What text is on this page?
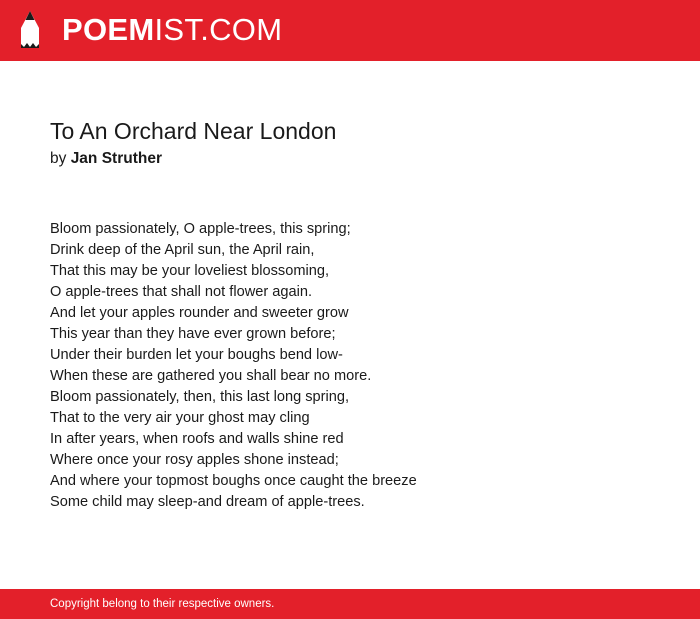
POEMIST.COM
To An Orchard Near London
by Jan Struther
Bloom passionately, O apple-trees, this spring;
Drink deep of the April sun, the April rain,
That this may be your loveliest blossoming,
O apple-trees that shall not flower again.
And let your apples rounder and sweeter grow
This year than they have ever grown before;
Under their burden let your boughs bend low-
When these are gathered you shall bear no more.
Bloom passionately, then, this last long spring,
That to the very air your ghost may cling
In after years, when roofs and walls shine red
Where once your rosy apples shone instead;
And where your topmost boughs once caught the breeze
Some child may sleep-and dream of apple-trees.
Copyright belong to their respective owners.
